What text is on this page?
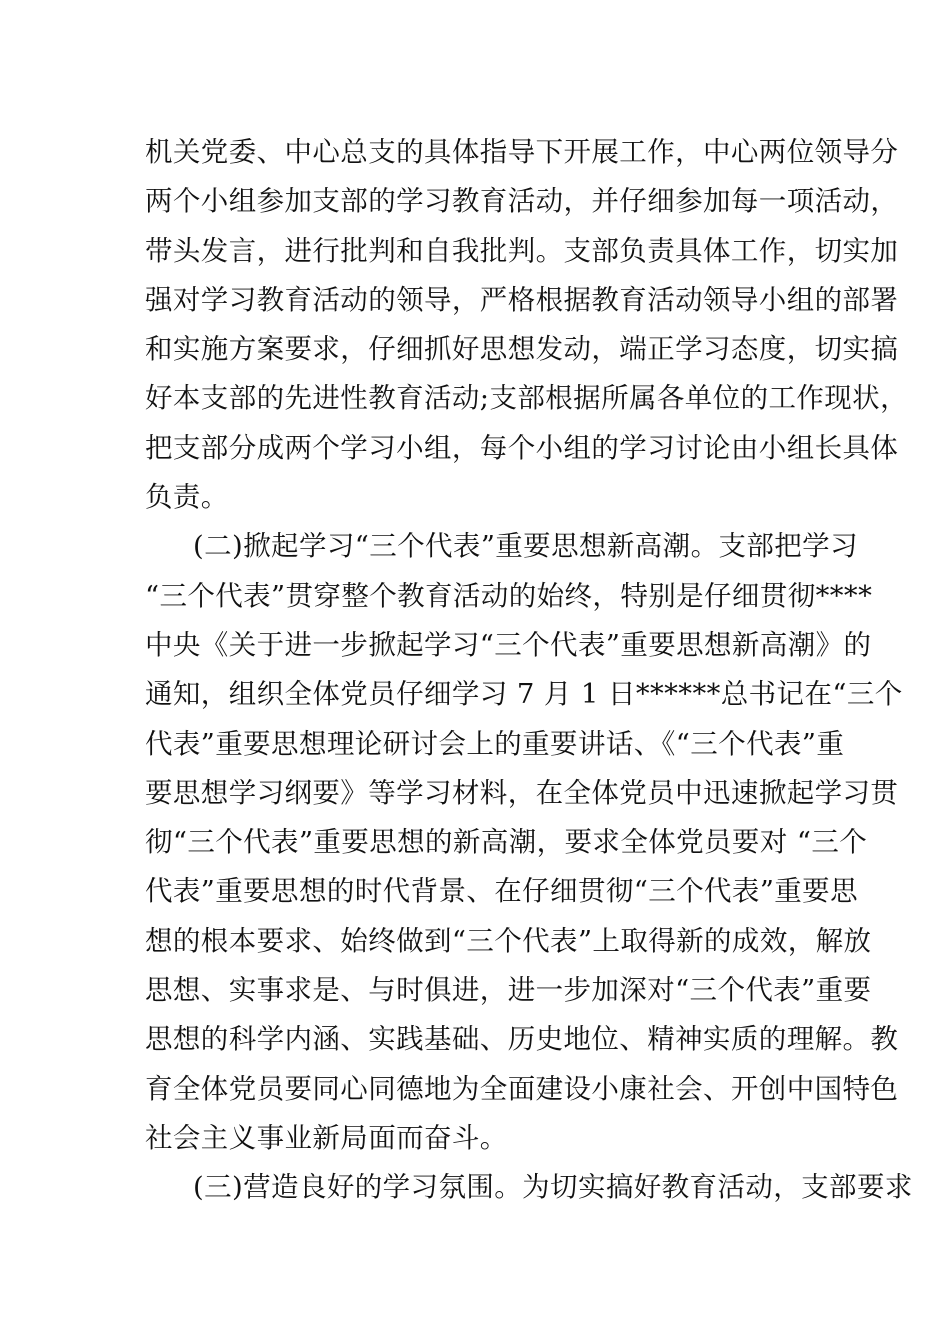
机关党委、中心总支的具体指导下开展工作，中心两位领导分
两个小组参加支部的学习教育活动，并仔细参加每一项活动，
带头发言，进行批判和自我批判。支部负责具体工作，切实加
强对学习教育活动的领导，严格根据教育活动领导小组的部署
和实施方案要求，仔细抓好思想发动，端正学习态度，切实搞
好本支部的先进性教育活动;支部根据所属各单位的工作现状，
把支部分成两个学习小组，每个小组的学习讨论由小组长具体
负责。
(二)掀起学习“三个代表”重要思想新高潮。支部把学习
“三个代表”贯穿整个教育活动的始终，特别是仔细贯彻****
中央《关于进一步掀起学习“三个代表”重要思想新高潮》的
通知，组织全体党员仔细学习 7 月 1 日******总书记在“三个
代表”重要思想理论研讨会上的重要讲话、《“三个代表”重
要思想学习纲要》等学习材料，在全体党员中迅速掀起学习贯
彻“三个代表”重要思想的新高潮，要求全体党员要对 “三个
代表”重要思想的时代背景、在仔细贯彻“三个代表”重要思
想的根本要求、始终做到“三个代表”上取得新的成效，解放
思想、实事求是、与时俱进，进一步加深对“三个代表”重要
思想的科学内涵、实践基础、历史地位、精神实质的理解。教
育全体党员要同心同德地为全面建设小康社会、开创中国特色
社会主义事业新局面而奋斗。
(三)营造良好的学习氛围。为切实搞好教育活动，支部要求
